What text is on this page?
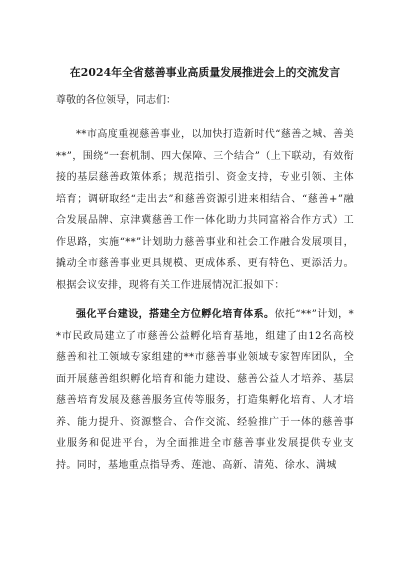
在2024年全省慈善事业高质量发展推进会上的交流发言
尊敬的各位领导，同志们：

**市高度重视慈善事业，以加快打造新时代“慈善之城、善美**”，围绕“一套机制、四大保障、三个结合”（上下联动，有效衔接的基层慈善政策体系；规范指引、资金支持，专业引领、主体培育；调研取经“走出去”和慈善资源引进来相结合、“慈善+”融合发展品牌、京津冀慈善工作一体化助力共同富裕合作方式）工作思路，实施“**”计划助力慈善事业和社会工作融合发展项目，撬动全市慈善事业更具规模、更成体系、更有特色、更添活力。根据会议安排，现将有关工作进展情况汇报如下：

强化平台建设，搭建全方位孵化培育体系。依托“**”计划，**市民政局建立了市慈善公益孵化培育基地，组建了由12名高校慈善和社工领域专家组建的**市慈善事业领域专家智库团队，全面开展慈善组织孵化培育和能力建设、慈善公益人才培养、基层慈善培育发展及慈善服务宣传等服务，打造集孵化培育、人才培养、能力提升、资源整合、合作交流、经验推广于一体的慈善事业服务和促进平台，为全面推进全市慈善事业发展提供专业支持。同时，基地重点指导秀、莲池、高新、清苑、徐水、满城
